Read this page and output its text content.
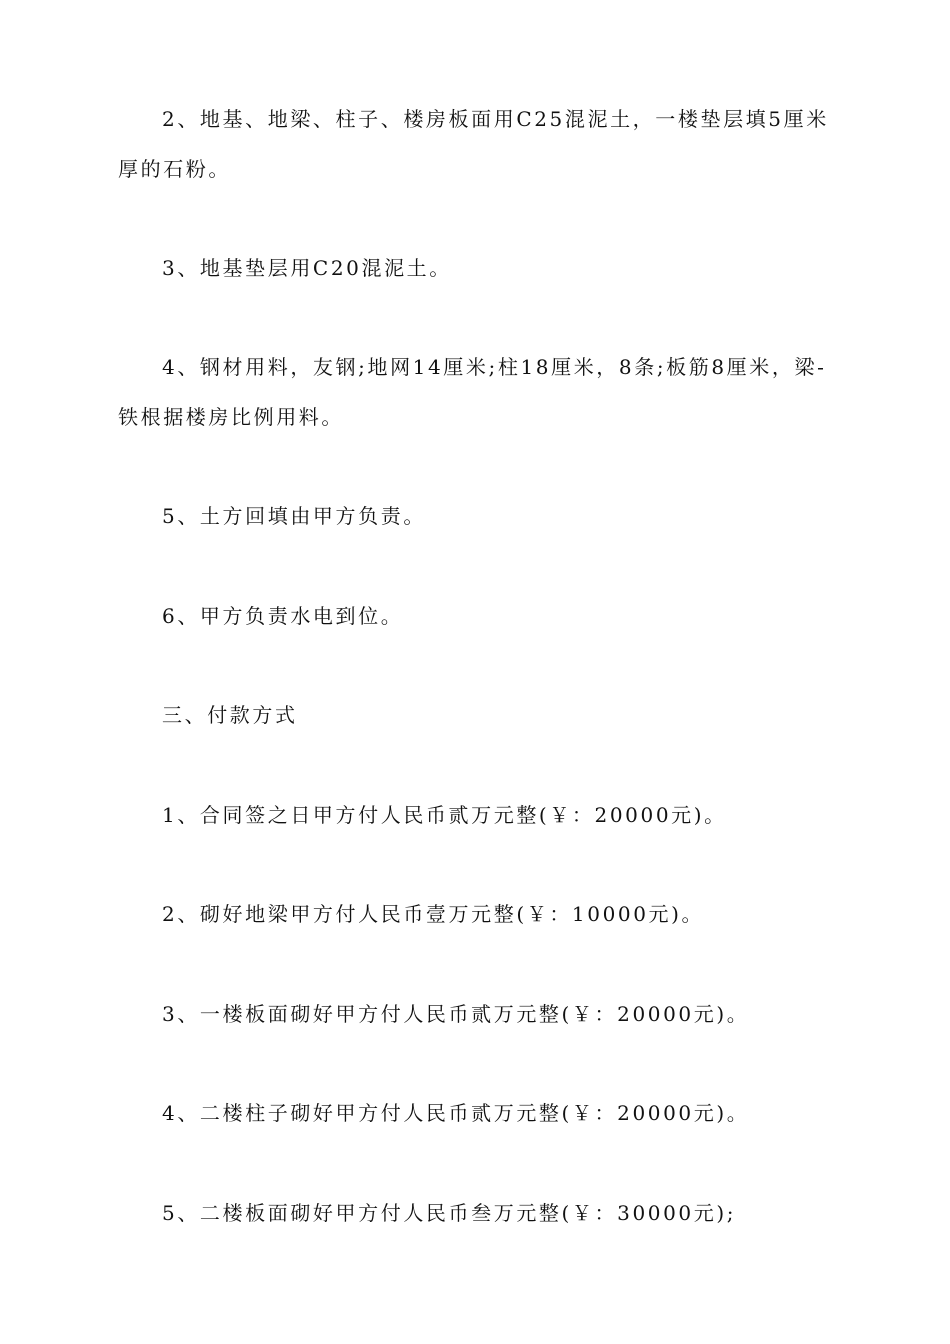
2、地基、地梁、柱子、楼房板面用C25混泥土，一楼垫层填5厘米厚的石粉。

3、地基垫层用C20混泥土。

4、钢材用料，友钢;地网14厘米;柱18厘米，8条;板筋8厘米，梁-铁根据楼房比例用料。

5、土方回填由甲方负责。

6、甲方负责水电到位。

三、付款方式

1、合同签之日甲方付人民币贰万元整(￥：20000元)。

2、砌好地梁甲方付人民币壹万元整(￥：10000元)。

3、一楼板面砌好甲方付人民币贰万元整(￥：20000元)。

4、二楼柱子砌好甲方付人民币贰万元整(￥：20000元)。

5、二楼板面砌好甲方付人民币叁万元整(￥：30000元);
